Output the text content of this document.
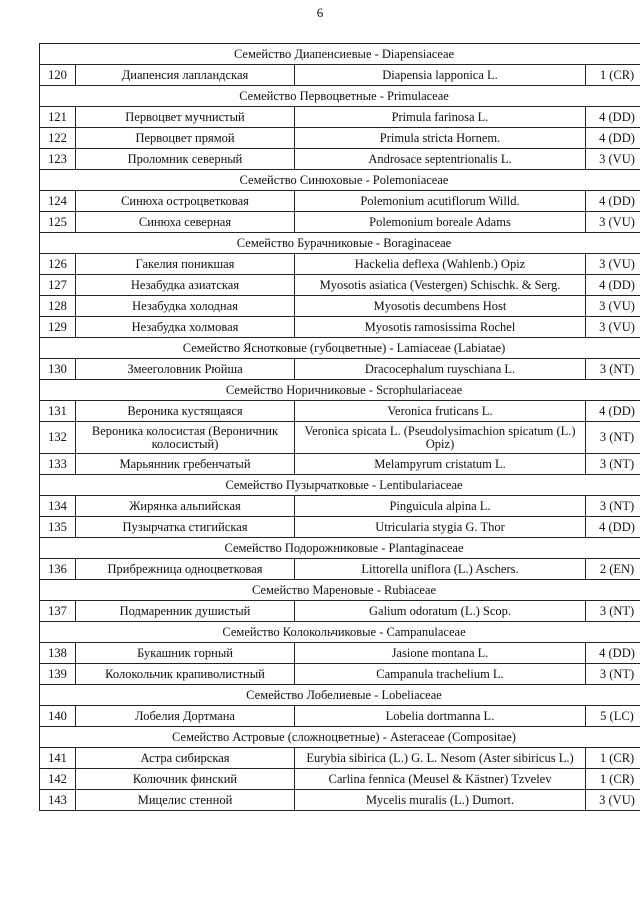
6
Семейство Диапенсиевые - Diapensiaceae			
120	Диапенсия лапландская	Diapensia lapponica L.	1 (CR)
Семейство Первоцветные - Primulaceae			
121	Первоцвет мучнистый	Primula farinosa L.	4 (DD)
122	Первоцвет прямой	Primula stricta Hornem.	4 (DD)
123	Проломник северный	Androsace septentrionalis L.	3 (VU)
Семейство Синюховые - Polemoniaceae			
124	Синюха остроцветковая	Polemonium acutiflorum Willd.	4 (DD)
125	Синюха северная	Polemonium boreale Adams	3 (VU)
Семейство Бурачниковые - Boraginaceae			
126	Гакелия поникшая	Hackelia deflexa (Wahlenb.) Opiz	3 (VU)
127	Незабудка азиатская	Myosotis asiatica (Vestergen) Schischk. & Serg.	4 (DD)
128	Незабудка холодная	Myosotis decumbens Host	3 (VU)
129	Незабудка холмовая	Myosotis ramosissima Rochel	3 (VU)
Семейство Яснотковые (губоцветные) - Lamiaceae (Labiatae)			
130	Змееголовник Рюйша	Dracocephalum ruyschiana L.	3 (NT)
Семейство Норичниковые - Scrophulariaceae			
131	Вероника кустящаяся	Veronica fruticans L.	4 (DD)
132	Вероника колосистая (Вероничник колосистый)	Veronica spicata L. (Pseudolysimachion spicatum (L.) Opiz)	3 (NT)
133	Марьянник гребенчатый	Melampyrum cristatum L.	3 (NT)
Семейство Пузырчатковые - Lentibulariaceae			
134	Жирянка альпийская	Pinguicula alpina L.	3 (NT)
135	Пузырчатка стигийская	Utricularia stygia G. Thor	4 (DD)
Семейство Подорожниковые - Plantaginaceae			
136	Прибрежница одноцветковая	Littorella uniflora (L.) Aschers.	2 (EN)
Семейство Мареновые - Rubiaceae			
137	Подмаренник душистый	Galium odoratum (L.) Scop.	3 (NT)
Семейство Колокольчиковые - Campanulaceae			
138	Букашник горный	Jasione montana L.	4 (DD)
139	Колокольчик крапиволистный	Campanula trachelium L.	3 (NT)
Семейство Лобелиевые - Lobeliaceae			
140	Лобелия Дортмана	Lobelia dortmanna L.	5 (LC)
Семейство Астровые (сложноцветные) - Asteraceae (Compositae)			
141	Астра сибирская	Eurybia sibirica (L.) G. L. Nesom (Aster sibiricus L.)	1 (CR)
142	Колючник финский	Carlina fennica (Meusel & Kästner) Tzvelev	1 (CR)
143	Мицелис стенной	Mycelis muralis (L.) Dumort.	3 (VU)
